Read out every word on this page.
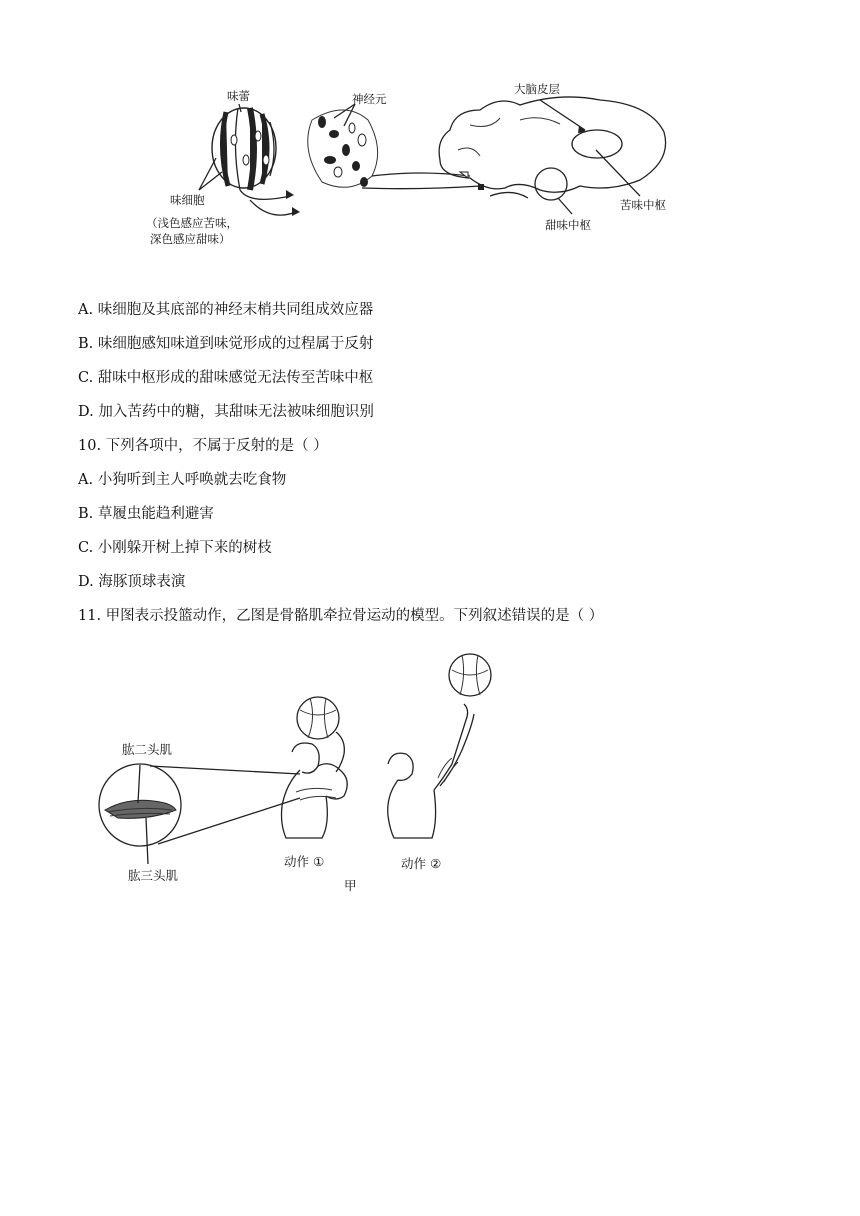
味蕾	神经元
大脑皮层
味细胞
（浅色感应苦味，
深色感应甜味）
甜味中枢
苦味中枢
A. 味细胞及其底部的神经末梢共同组成效应器
B. 味细胞感知味道到味觉形成的过程属于反射
C. 甜味中枢形成的甜味感觉无法传至苦味中枢
D. 加入苦药中的糖，其甜味无法被味细胞识别
10. 下列各项中，不属于反射的是（ ）
A. 小狗听到主人呼唤就去吃食物
B. 草履虫能趋利避害
C. 小刚躲开树上掉下来的树枝
D. 海豚顶球表演
11. 甲图表示投篮动作，乙图是骨骼肌牵拉骨运动的模型。下列叙述错误的是（ ）
肱二头肌
肱三头肌
动作 ①	动作 ②
甲
